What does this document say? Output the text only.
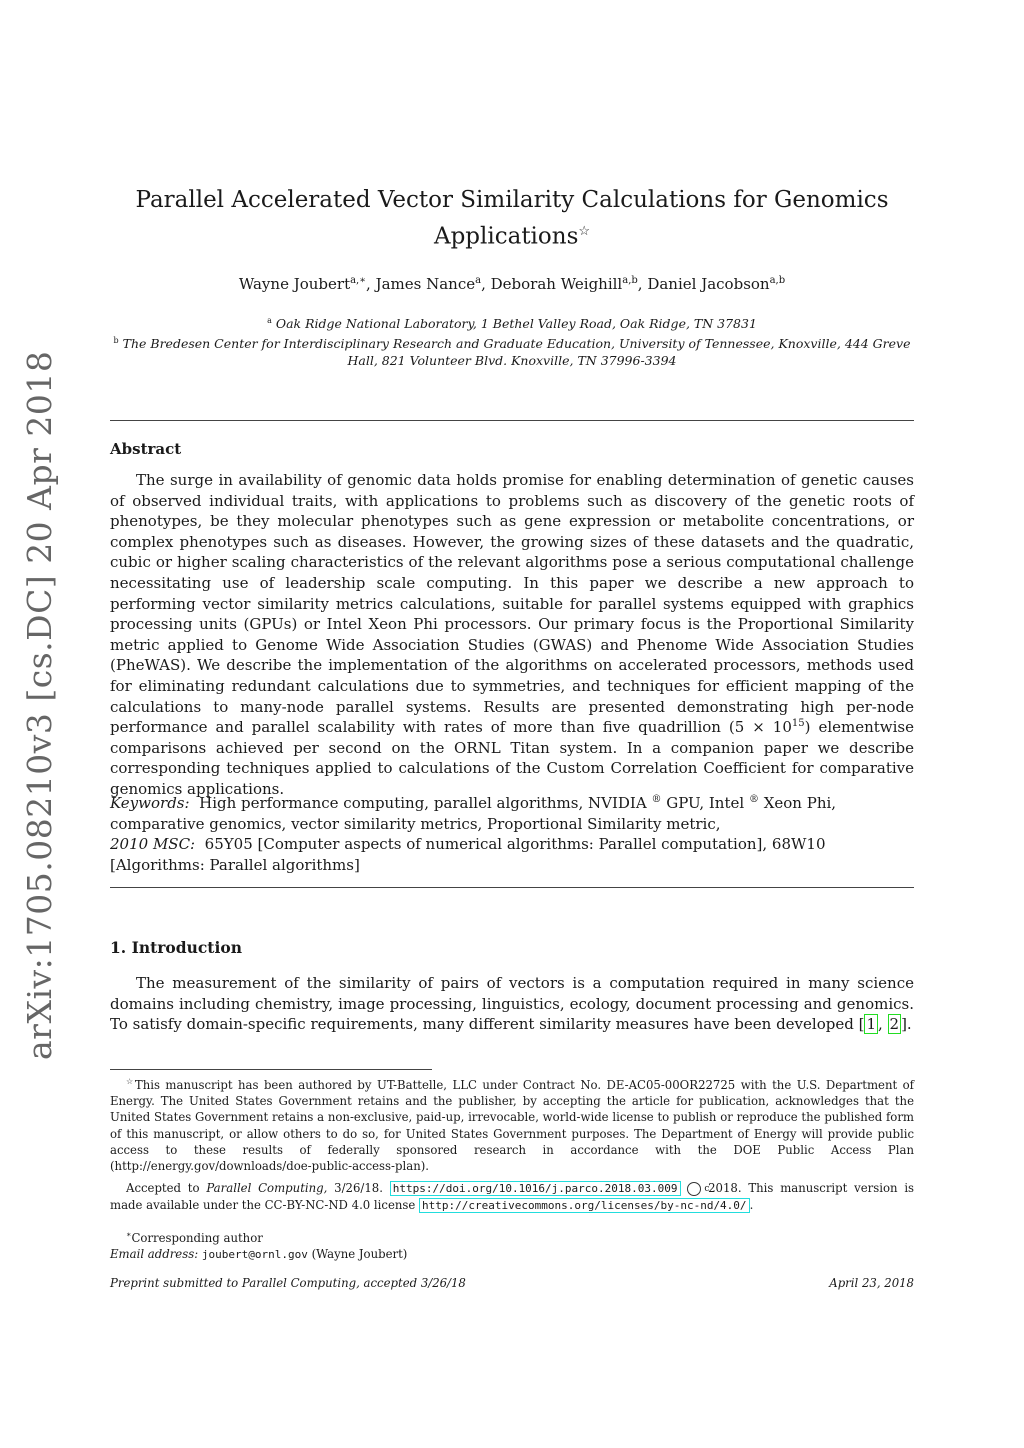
arXiv:1705.08210v3 [cs.DC] 20 Apr 2018
Parallel Accelerated Vector Similarity Calculations for Genomics Applications☆
Wayne Joubert$^{a,∗}$, James Nance$^a$, Deborah Weighill$^{a,b}$, Daniel Jacobson$^{a,b}$
$^a$ Oak Ridge National Laboratory, 1 Bethel Valley Road, Oak Ridge, TN 37831
$^b$ The Bredesen Center for Interdisciplinary Research and Graduate Education, University of Tennessee, Knoxville, 444 Greve Hall, 821 Volunteer Blvd. Knoxville, TN 37996-3394
Abstract

The surge in availability of genomic data holds promise for enabling determination of genetic causes of observed individual traits, with applications to problems such as discovery of the genetic roots of phenotypes, be they molecular phenotypes such as gene expression or metabolite concentrations, or complex phenotypes such as diseases. However, the growing sizes of these datasets and the quadratic, cubic or higher scaling characteristics of the relevant algorithms pose a serious computational challenge necessitating use of leadership scale computing. In this paper we describe a new approach to performing vector similarity metrics calculations, suitable for parallel systems equipped with graphics processing units (GPUs) or Intel Xeon Phi processors. Our primary focus is the Proportional Similarity metric applied to Genome Wide Association Studies (GWAS) and Phenome Wide Association Studies (PheWAS). We describe the implementation of the algorithms on accelerated processors, methods used for eliminating redundant calculations due to symmetries, and techniques for efficient mapping of the calculations to many-node parallel systems. Results are presented demonstrating high per-node performance and parallel scalability with rates of more than five quadrillion $(5 \times 10^{15})$ elementwise comparisons achieved per second on the ORNL Titan system. In a companion paper we describe corresponding techniques applied to calculations of the Custom Correlation Coefficient for comparative genomics applications.

Keywords: High performance computing, parallel algorithms, NVIDIA ® GPU, Intel ® Xeon Phi, comparative genomics, vector similarity metrics, Proportional Similarity metric,
2010 MSC: 65Y05 [Computer aspects of numerical algorithms: Parallel computation], 68W10 [Algorithms: Parallel algorithms]
1. Introduction

The measurement of the similarity of pairs of vectors is a computation required in many science domains including chemistry, image processing, linguistics, ecology, document processing and genomics. To satisfy domain-specific requirements, many different similarity measures have been developed [ 1 , 2 ].

☆This manuscript has been authored by UT-Battelle, LLC under Contract No. DE-AC05-00OR22725 with the U.S. Department of Energy. The United States Government retains and the publisher, by accepting the article for publication, acknowledges that the United States Government retains a non-exclusive, paid-up, irrevocable, world-wide license to publish or reproduce the published form of this manuscript, or allow others to do so, for United States Government purposes. The Department of Energy will provide public access to these results of federally sponsored research in accordance with the DOE Public Access Plan (http://energy.gov/downloads/doe-public-access-plan).

Accepted to Parallel Computing, 3/26/18. https://doi.org/10.1016/j.parco.2018.03.009	c 2018. This manuscript version is made available under the CC-BY-NC-ND 4.0 license http://creativecommons.org/licenses/by-nc-nd/4.0/ .

∗Corresponding author
Email address: joubert@ornl.gov (Wayne Joubert)

Preprint submitted to Parallel Computing, accepted 3/26/18	April 23, 2018
